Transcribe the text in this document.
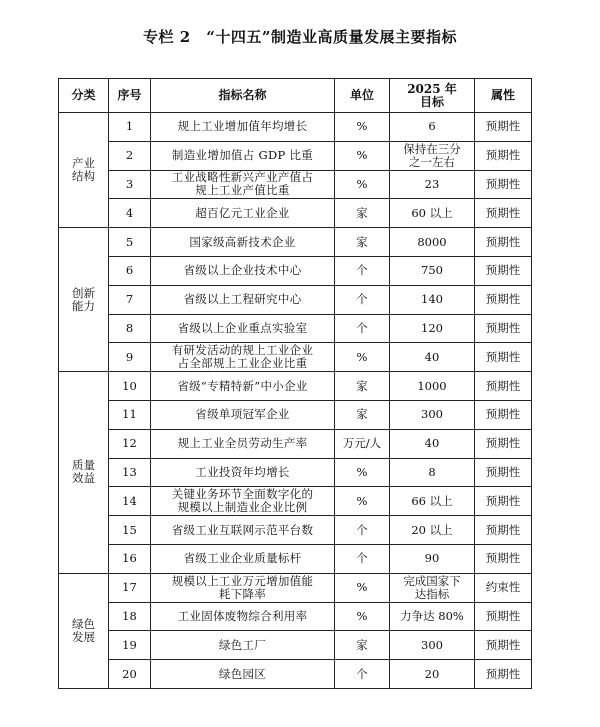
专栏 2　“十四五”制造业高质量发展主要指标
分类	序号	指标名称	单位	2025 年目标	属性
产业结构	1	规上工业增加值年均增长	%	6	预期性
	2	制造业增加值占 GDP 比重	%	保持在三分之一左右	预期性
	3	工业战略性新兴产业产值占规上工业产值比重	%	23	预期性
	4	超百亿元工业企业	家	60 以上	预期性
创新能力	5	国家级高新技术企业	家	8000	预期性
	6	省级以上企业技术中心	个	750	预期性
	7	省级以上工程研究中心	个	140	预期性
	8	省级以上企业重点实验室	个	120	预期性
	9	有研发活动的规上工业企业占全部规上工业企业比重	%	40	预期性
质量效益	10	省级“专精特新”中小企业	家	1000	预期性
	11	省级单项冠军企业	家	300	预期性
	12	规上工业全员劳动生产率	万元/人	40	预期性
	13	工业投资年均增长	%	8	预期性
	14	关键业务环节全面数字化的规模以上制造业企业比例	%	66 以上	预期性
	15	省级工业互联网示范平台数	个	20 以上	预期性
	16	省级工业企业质量标杆	个	90	预期性
绿色发展	17	规模以上工业万元增加值能耗下降率	%	完成国家下达指标	约束性
	18	工业固体废物综合利用率	%	力争达 80%	预期性
	19	绿色工厂	家	300	预期性
	20	绿色园区	个	20	预期性
